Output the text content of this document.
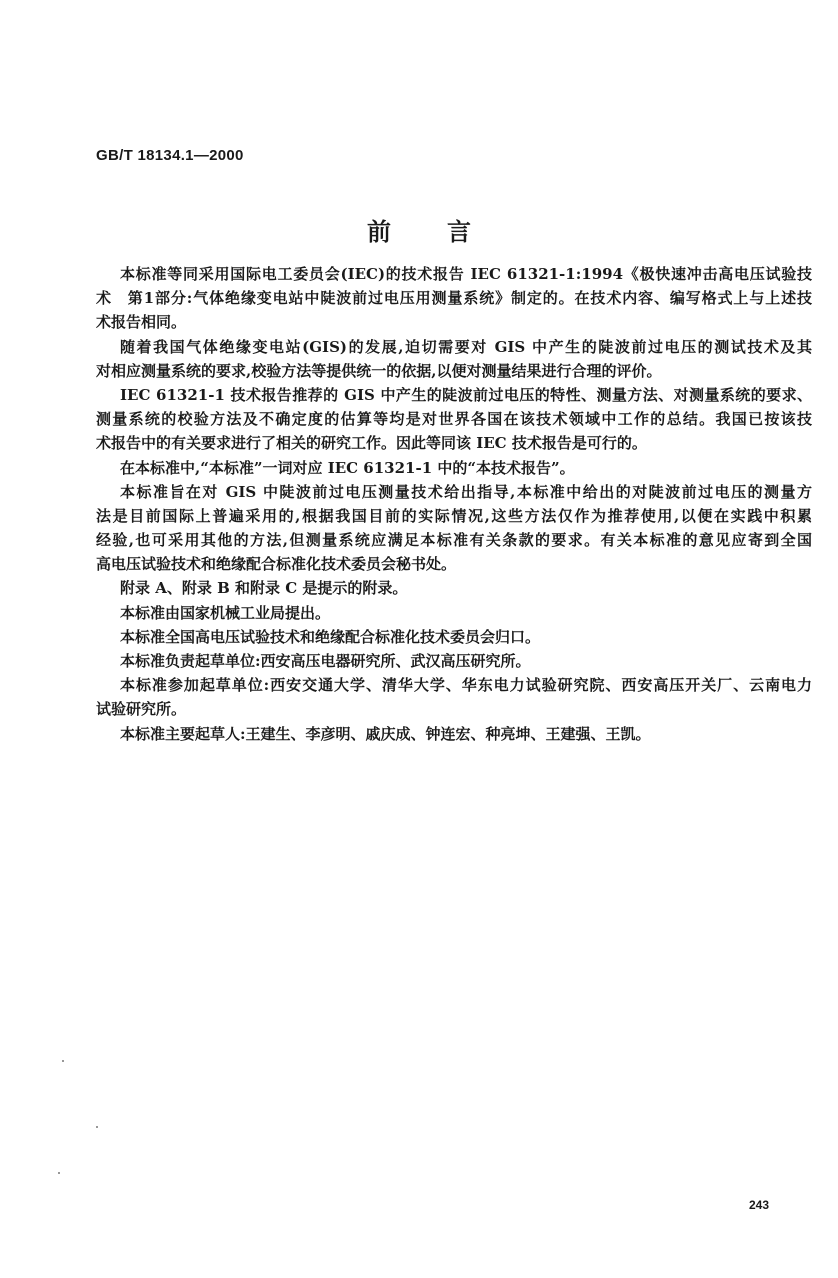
GB/T 18134.1—2000
前言
本标准等同采用国际电工委员会(IEC)的技术报告 IEC 61321-1:1994《极快速冲击高电压试验技
术　第1部分:气体绝缘变电站中陡波前过电压用测量系统》制定的。在技术内容、编写格式上与上述技
术报告相同。
随着我国气体绝缘变电站(GIS)的发展,迫切需要对 GIS 中产生的陡波前过电压的测试技术及其
对相应测量系统的要求,校验方法等提供统一的依据,以便对测量结果进行合理的评价。
IEC 61321-1 技术报告推荐的 GIS 中产生的陡波前过电压的特性、测量方法、对测量系统的要求、
测量系统的校验方法及不确定度的估算等均是对世界各国在该技术领域中工作的总结。我国已按该技
术报告中的有关要求进行了相关的研究工作。因此等同该 IEC 技术报告是可行的。
在本标准中,“本标准”一词对应 IEC 61321-1 中的“本技术报告”。
本标准旨在对 GIS 中陡波前过电压测量技术给出指导,本标准中给出的对陡波前过电压的测量方
法是目前国际上普遍采用的,根据我国目前的实际情况,这些方法仅作为推荐使用,以便在实践中积累
经验,也可采用其他的方法,但测量系统应满足本标准有关条款的要求。有关本标准的意见应寄到全国
高电压试验技术和绝缘配合标准化技术委员会秘书处。
附录 A、附录 B 和附录 C 是提示的附录。
本标准由国家机械工业局提出。
本标准全国高电压试验技术和绝缘配合标准化技术委员会归口。
本标准负责起草单位:西安高压电器研究所、武汉高压研究所。
本标准参加起草单位:西安交通大学、清华大学、华东电力试验研究院、西安高压开关厂、云南电力
试验研究所。
本标准主要起草人:王建生、李彦明、戚庆成、钟连宏、种亮坤、王建强、王凯。
243
